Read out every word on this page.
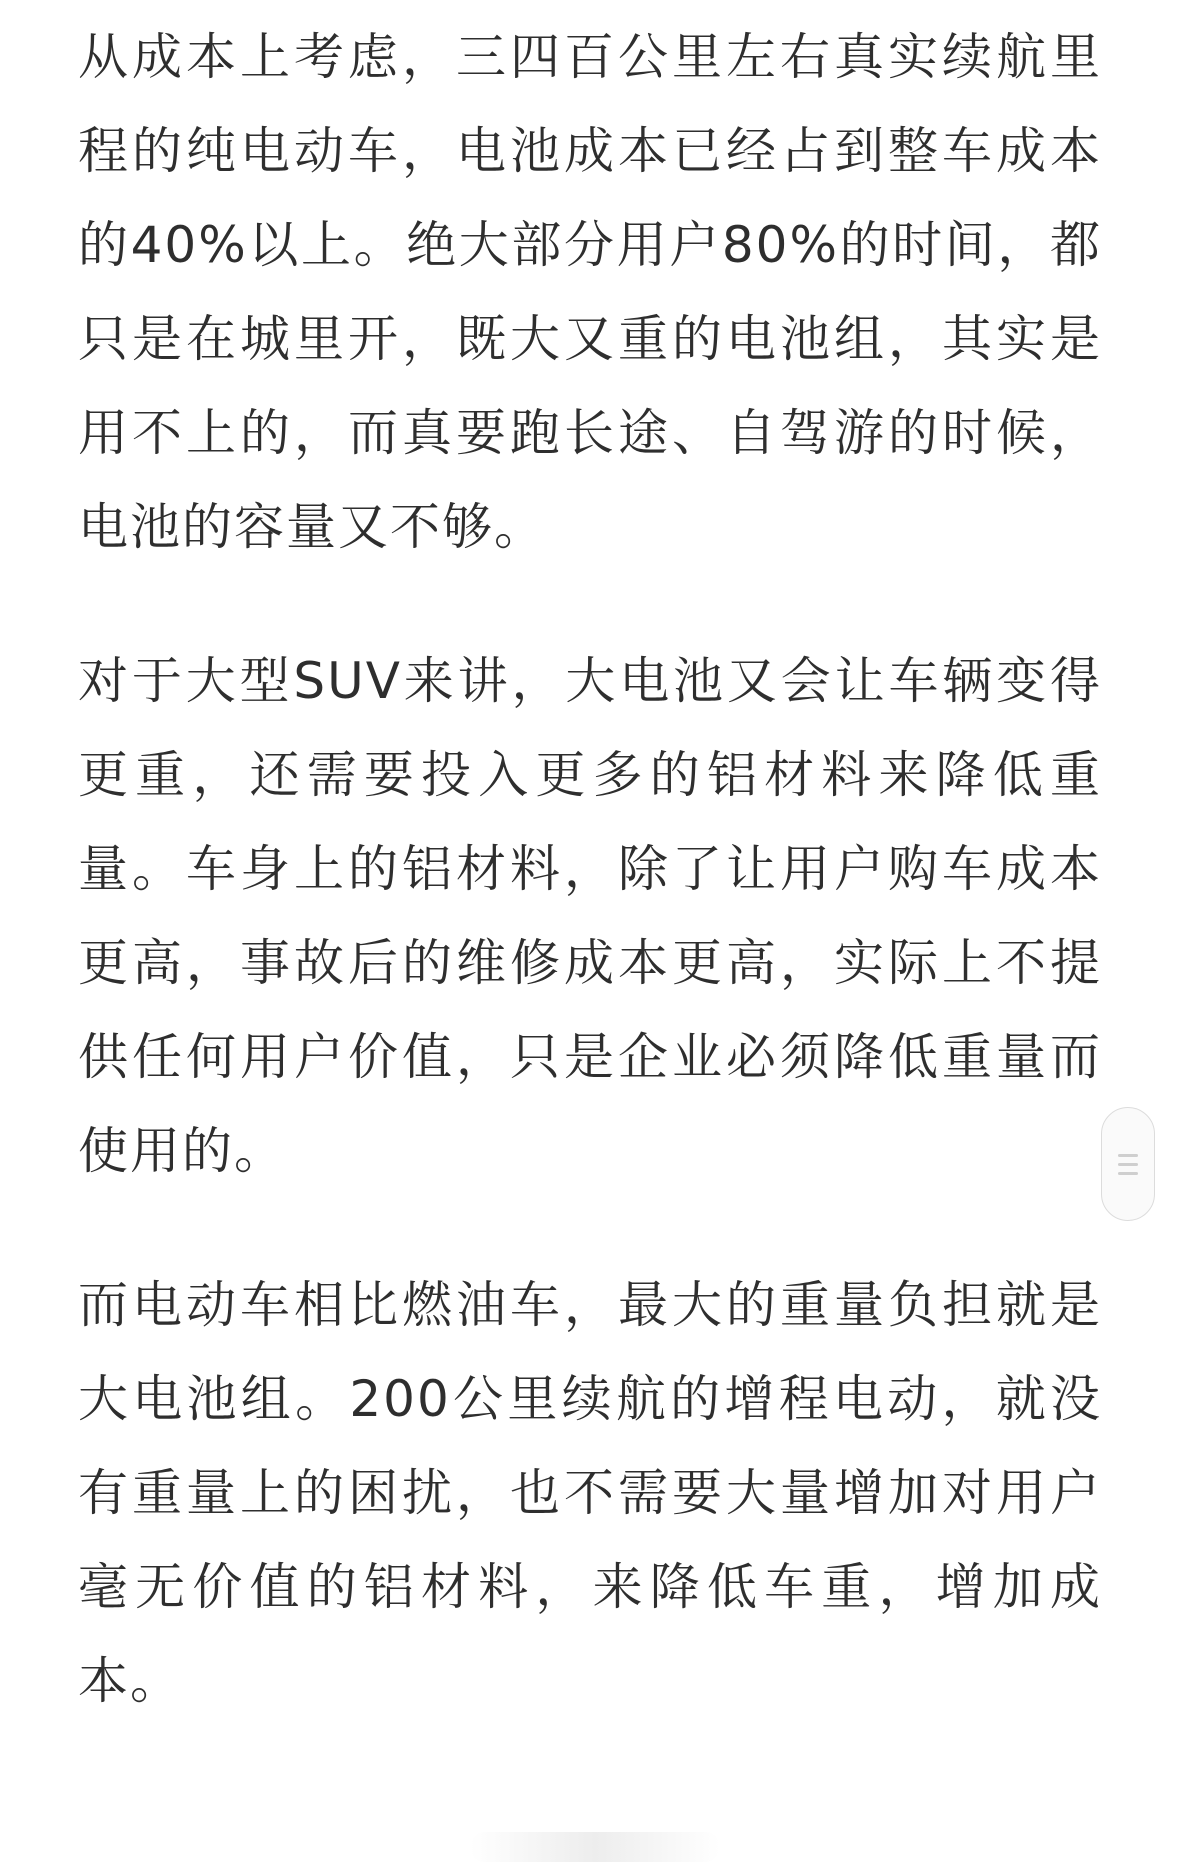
从成本上考虑，三四百公里左右真实续航里程的纯电动车，电池成本已经占到整车成本的40%以上。绝大部分用户80%的时间，都只是在城里开，既大又重的电池组，其实是用不上的，而真要跑长途、自驾游的时候，电池的容量又不够。

对于大型SUV来讲，大电池又会让车辆变得更重，还需要投入更多的铝材料来降低重量。车身上的铝材料，除了让用户购车成本更高，事故后的维修成本更高，实际上不提供任何用户价值，只是企业必须降低重量而使用的。

而电动车相比燃油车，最大的重量负担就是大电池组。200公里续航的增程电动，就没有重量上的困扰，也不需要大量增加对用户毫无价值的铝材料，来降低车重，增加成本。
